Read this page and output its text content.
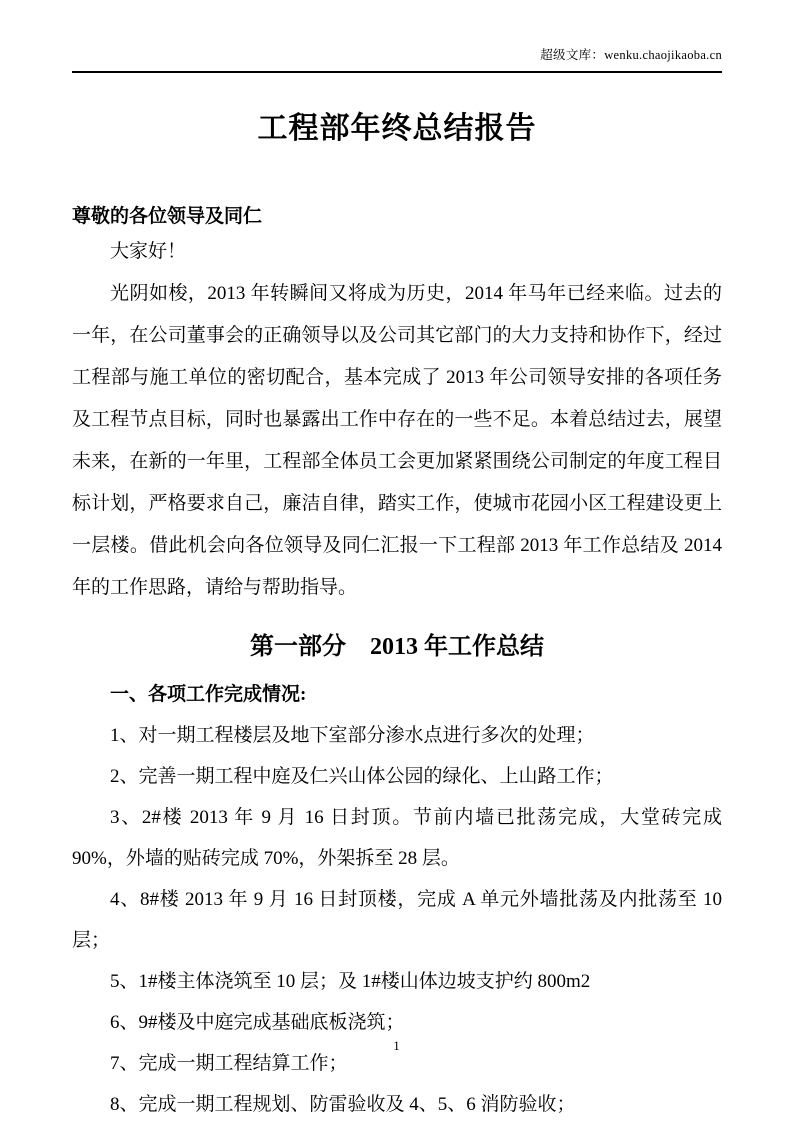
超级文库：wenku.chaojikaoba.cn
工程部年终总结报告
尊敬的各位领导及同仁

大家好！

光阴如梭，2013 年转瞬间又将成为历史，2014 年马年已经来临。过去的一年，在公司董事会的正确领导以及公司其它部门的大力支持和协作下，经过工程部与施工单位的密切配合，基本完成了 2013 年公司领导安排的各项任务及工程节点目标，同时也暴露出工作中存在的一些不足。本着总结过去，展望未来，在新的一年里，工程部全体员工会更加紧紧围绕公司制定的年度工程目标计划，严格要求自己，廉洁自律，踏实工作，使城市花园小区工程建设更上一层楼。借此机会向各位领导及同仁汇报一下工程部 2013 年工作总结及 2014 年的工作思路，请给与帮助指导。

第一部分　2013 年工作总结
一、各项工作完成情况:

1、对一期工程楼层及地下室部分渗水点进行多次的处理；

2、完善一期工程中庭及仁兴山体公园的绿化、上山路工作；

3、2#楼 2013 年 9 月 16 日封顶。节前内墙已批荡完成，大堂砖完成 90%，外墙的贴砖完成 70%，外架拆至 28 层。

4、8#楼 2013 年 9 月 16 日封顶楼，完成 A 单元外墙批荡及内批荡至 10 层；

5、1#楼主体浇筑至 10 层；及 1#楼山体边坡支护约 800m2

6、9#楼及中庭完成基础底板浇筑；

7、完成一期工程结算工作；

8、完成一期工程规划、防雷验收及 4、5、6 消防验收；

1
